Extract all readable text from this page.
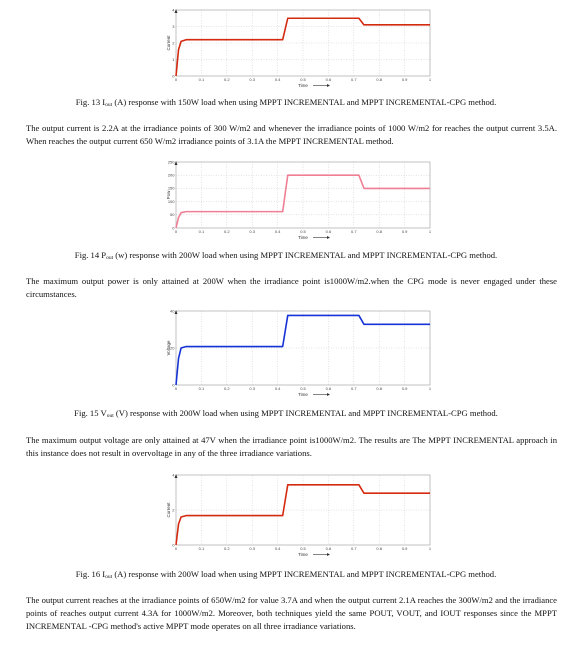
0	0.1	0.2	0.3	0.4	0.5	0.6	0.7	0.8	0.9	1
0
1
2
3
4
Current
Time
Fig. 13 $I_{out}$ (A) response with 150W load when using MPPT INCREMENTAL and MPPT INCREMENTAL-CPG method.

The output current is 2.2A at the irradiance points of 300 W/m2 and whenever the irradiance points of 1000 W/m2 for reaches the output current 3.5A. When reaches the output current 650 W/m2 irradiance points of 3.1A the MPPT INCREMENTAL method.

0	0.1	0.2	0.3	0.4	0.5	0.6	0.7	0.8	0.9	1
0
50
100
150
200
250
Pow
Time
Fig. 14 $P_{out}$ (w) response with 200W load when using MPPT INCREMENTAL and MPPT INCREMENTAL-CPG method.

The maximum output power is only attained at 200W when the irradiance point is1000W/m2.when the CPG mode is never engaged under these circumstances.

0	0.1	0.2	0.3	0.4	0.5	0.6	0.7	0.8	0.9	1
0
20
40
Voltage
Time
Fig. 15 $V_{out}$ (V) response with 200W load when using MPPT INCREMENTAL and MPPT INCREMENTAL-CPG method.

The maximum output voltage are only attained at 47V when the irradiance point is1000W/m2. The results are The MPPT INCREMENTAL approach in this instance does not result in overvoltage in any of the three irradiance variations.

0	0.1	0.2	0.3	0.4	0.5	0.6	0.7	0.8	0.9	1
0
2
4
Current
Time
Fig. 16 $I_{out}$ (A) response with 200W load when using MPPT INCREMENTAL and MPPT INCREMENTAL-CPG method.

The output current reaches at the irradiance points of 650W/m2 for value 3.7A and when the output current 2.1A reaches the 300W/m2 and the irradiance points of reaches output current 4.3A for 1000W/m2. Moreover, both techniques yield the same POUT, VOUT, and IOUT responses since the MPPT INCREMENTAL -CPG method's active MPPT mode operates on all three irradiance variations.
